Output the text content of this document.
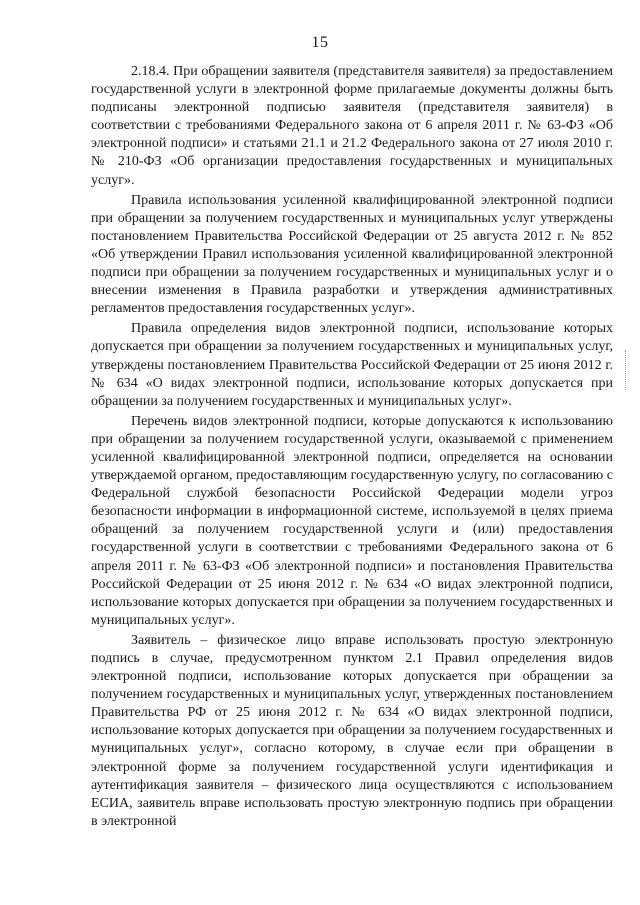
15

2.18.4. При обращении заявителя (представителя заявителя) за предоставлением государственной услуги в электронной форме прилагаемые документы должны быть подписаны электронной подписью заявителя (представителя заявителя) в соответствии с требованиями Федерального закона от 6 апреля 2011 г. № 63-ФЗ «Об электронной подписи» и статьями 21.1 и 21.2 Федерального закона от 27 июля 2010 г. № 210-ФЗ «Об организации предоставления государственных и муниципальных услуг».

Правила использования усиленной квалифицированной электронной подписи при обращении за получением государственных и муниципальных услуг утверждены постановлением Правительства Российской Федерации от 25 августа 2012 г. № 852 «Об утверждении Правил использования усиленной квалифицированной электронной подписи при обращении за получением государственных и муниципальных услуг и о внесении изменения в Правила разработки и утверждения административных регламентов предоставления государственных услуг».

Правила определения видов электронной подписи, использование которых допускается при обращении за получением государственных и муниципальных услуг, утверждены постановлением Правительства Российской Федерации от 25 июня 2012 г. № 634 «О видах электронной подписи, использование которых допускается при обращении за получением государственных и муниципальных услуг».

Перечень видов электронной подписи, которые допускаются к использованию при обращении за получением государственной услуги, оказываемой с применением усиленной квалифицированной электронной подписи, определяется на основании утверждаемой органом, предоставляющим государственную услугу, по согласованию с Федеральной службой безопасности Российской Федерации модели угроз безопасности информации в информационной системе, используемой в целях приема обращений за получением государственной услуги и (или) предоставления государственной услуги в соответствии с требованиями Федерального закона от 6 апреля 2011 г. № 63-ФЗ «Об электронной подписи» и постановления Правительства Российской Федерации от 25 июня 2012 г. № 634 «О видах электронной подписи, использование которых допускается при обращении за получением государственных и муниципальных услуг».

Заявитель – физическое лицо вправе использовать простую электронную подпись в случае, предусмотренном пунктом 2.1 Правил определения видов электронной подписи, использование которых допускается при обращении за получением государственных и муниципальных услуг, утвержденных постановлением Правительства РФ от 25 июня 2012 г. № 634 «О видах электронной подписи, использование которых допускается при обращении за получением государственных и муниципальных услуг», согласно которому, в случае если при обращении в электронной форме за получением государственной услуги идентификация и аутентификация заявителя – физического лица осуществляются с использованием ЕСИА, заявитель вправе использовать простую электронную подпись при обращении в электронной
